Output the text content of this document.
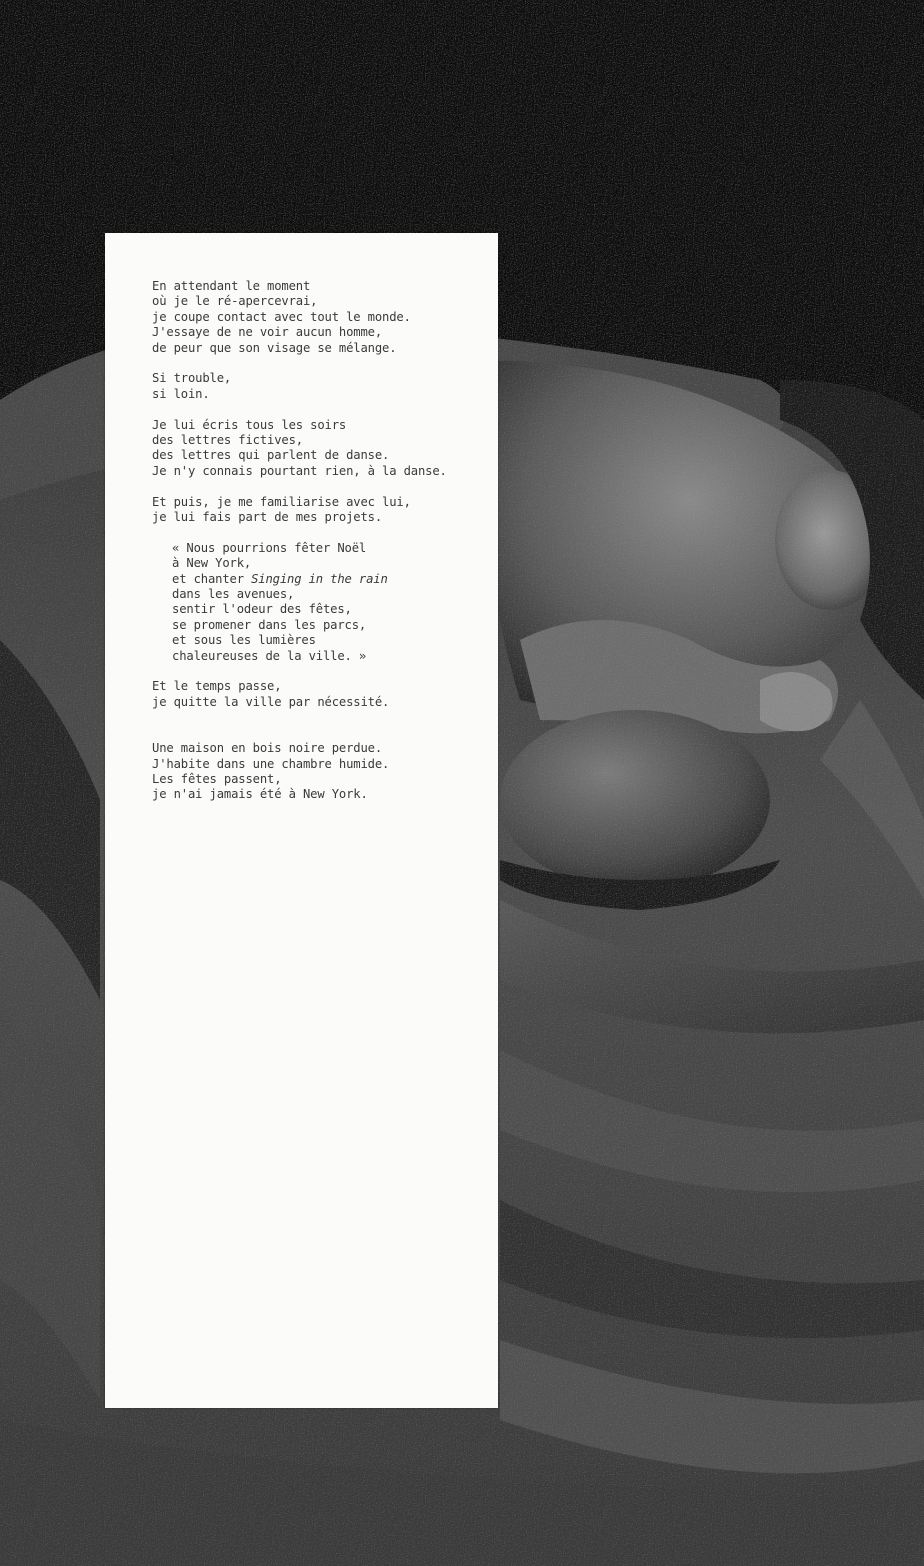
En attendant le moment
où je le ré-apercevrai,
je coupe contact avec tout le monde.
J'essaye de ne voir aucun homme,
de peur que son visage se mélange.
Si trouble,
si loin.
Je lui écris tous les soirs
des lettres fictives,
des lettres qui parlent de danse.
Je n'y connais pourtant rien, à la danse.
Et puis, je me familiarise avec lui,
je lui fais part de mes projets.
« Nous pourrions fêter Noël
à New York,
et chanter Singing in the rain
dans les avenues,
sentir l'odeur des fêtes,
se promener dans les parcs,
et sous les lumières
chaleureuses de la ville. »
Et le temps passe,
je quitte la ville par nécessité.
Une maison en bois noire perdue.
J'habite dans une chambre humide.
Les fêtes passent,
je n'ai jamais été à New York.
